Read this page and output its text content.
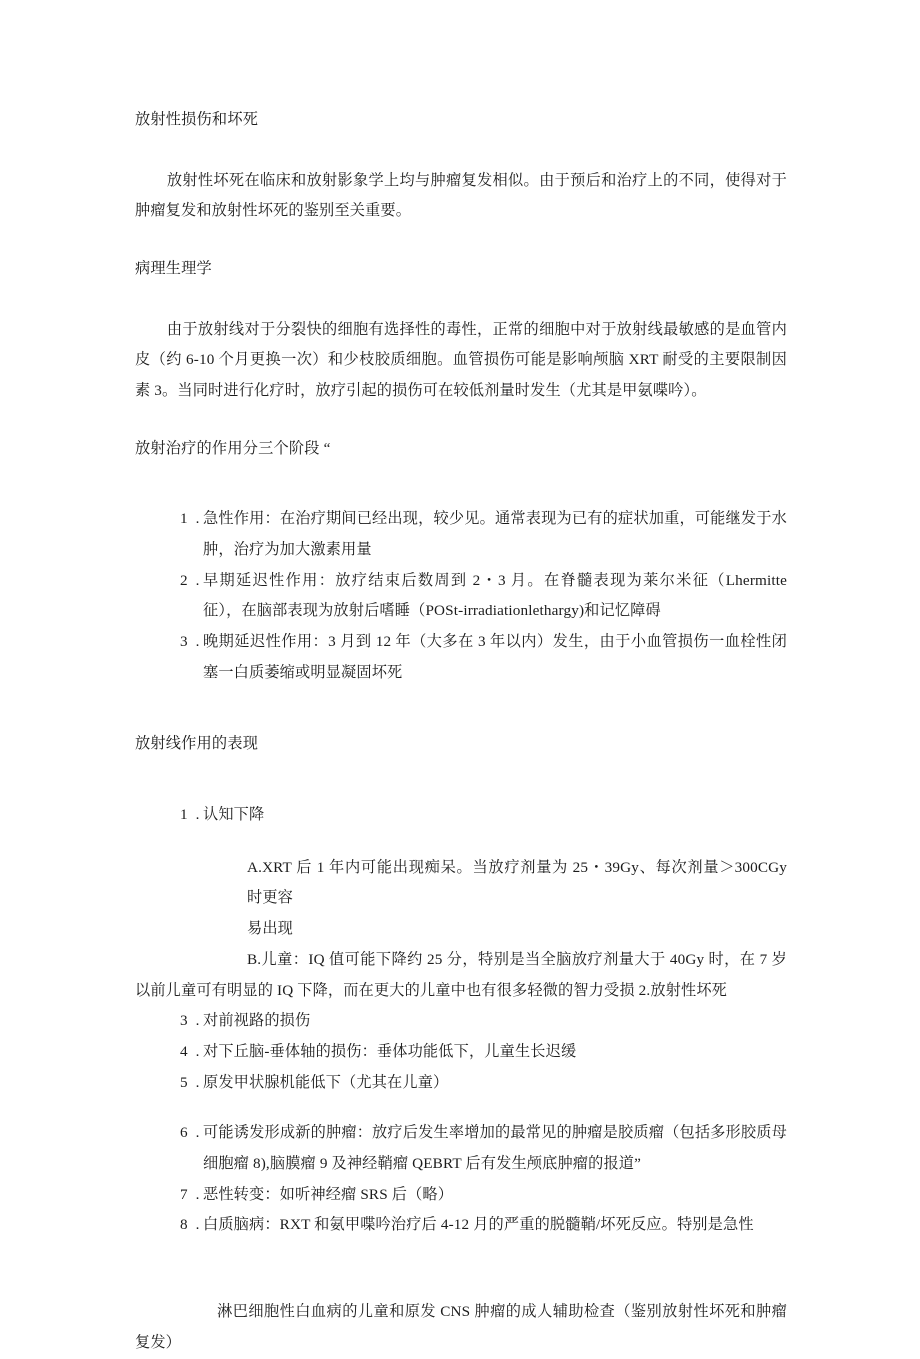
放射性损伤和坏死

放射性坏死在临床和放射影象学上均与肿瘤复发相似。由于预后和治疗上的不同，使得对于肿瘤复发和放射性坏死的鉴别至关重要。

病理生理学

由于放射线对于分裂快的细胞有选择性的毒性，正常的细胞中对于放射线最敏感的是血管内皮（约 6-10 个月更换一次）和少枝胶质细胞。血管损伤可能是影响颅脑 XRT 耐受的主要限制因素 3。当同时进行化疗时，放疗引起的损伤可在较低剂量时发生（尤其是甲氨喋吟）。

放射治疗的作用分三个阶段 “
1  . 急性作用：在治疗期间已经出现，较少见。通常表现为已有的症状加重，可能继发于水肿，治疗为加大激素用量
2  . 早期延迟性作用：放疗结束后数周到 2・3 月。在脊髓表现为莱尔米征（Lhermitte 征），在脑部表现为放射后嗜睡（POSt-irradiationlethargy)和记忆障碍
3  . 晚期延迟性作用：3 月到 12 年（大多在 3 年以内）发生，由于小血管损伤一血栓性闭塞一白质萎缩或明显凝固坏死
放射线作用的表现
1  . 认知下降
A.XRT 后 1 年内可能出现痴呆。当放疗剂量为 25・39Gy、每次剂量＞300CGy 时更容
易出现
B.儿童：IQ 值可能下降约 25 分，特别是当全脑放疗剂量大于 40Gy 时，在 7 岁以前儿童可有明显的 IQ 下降，而在更大的儿童中也有很多轻微的智力受损 2.放射性坏死
3  . 对前视路的损伤
4  . 对下丘脑-垂体轴的损伤：垂体功能低下，儿童生长迟缓
5  . 原发甲状腺机能低下（尤其在儿童）
6  . 可能诱发形成新的肿瘤：放疗后发生率增加的最常见的肿瘤是胶质瘤（包括多形胶质母细胞瘤 8),脑膜瘤 9 及神经鞘瘤 QEBRT 后有发生颅底肿瘤的报道”
7  . 恶性转变：如听神经瘤 SRS 后（略）
8  . 白质脑病：RXT 和氨甲喋吟治疗后 4-12 月的严重的脱髓鞘/坏死反应。特别是急性

淋巴细胞性白血病的儿童和原发 CNS 肿瘤的成人辅助检查（鉴别放射性坏死和肿瘤复发）
